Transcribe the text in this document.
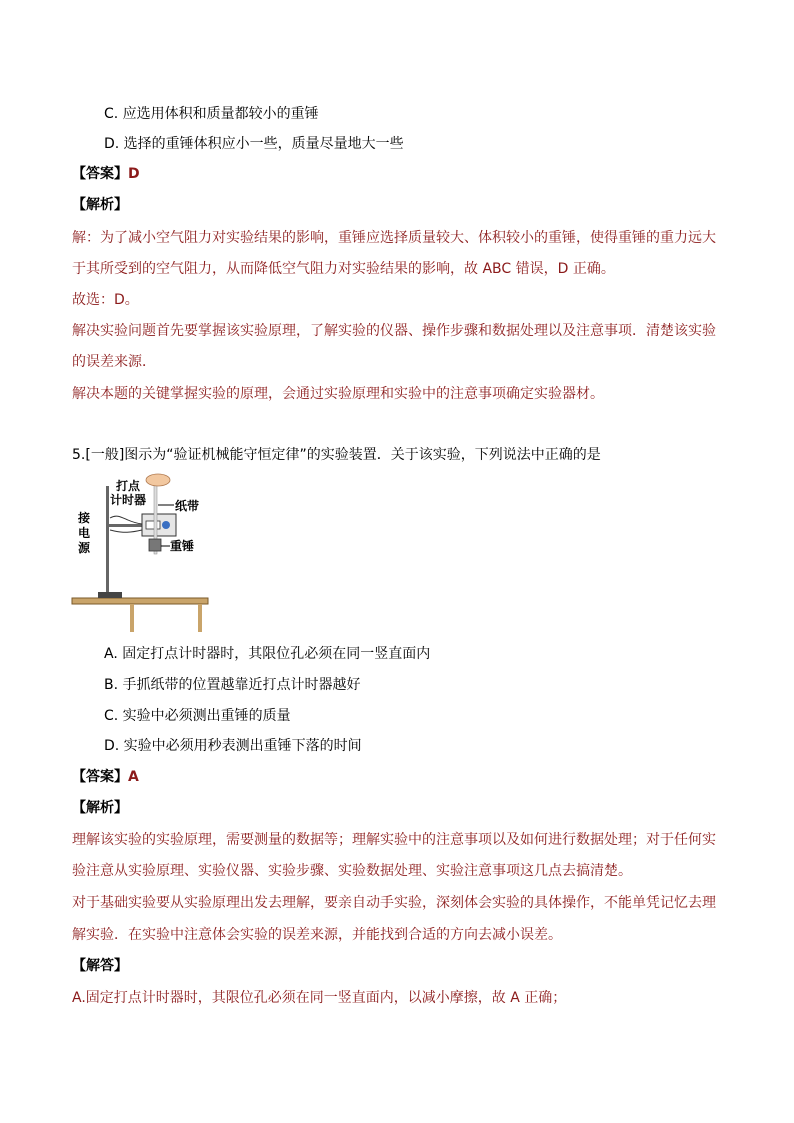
C. 应选用体积和质量都较小的重锤
D. 选择的重锤体积应小一些，质量尽量地大一些
【答案】D
【解析】
解：为了减小空气阻力对实验结果的影响，重锤应选择质量较大、体积较小的重锤，使得重锤的重力远大
于其所受到的空气阻力，从而降低空气阻力对实验结果的影响，故 ABC 错误，D 正确。
故选：D。
解决实验问题首先要掌握该实验原理，了解实验的仪器、操作步骤和数据处理以及注意事项．清楚该实验
的误差来源．
解决本题的关键掌握实验的原理，会通过实验原理和实验中的注意事项确定实验器材。
5.[一般]图示为“验证机械能守恒定律”的实验装置．关于该实验，下列说法中正确的是
打点
计时器 纸带
接
电
源	重锤
A. 固定打点计时器时，其限位孔必须在同一竖直面内
B. 手抓纸带的位置越靠近打点计时器越好
C. 实验中必须测出重锤的质量
D. 实验中必须用秒表测出重锤下落的时间
【答案】A
【解析】
理解该实验的实验原理，需要测量的数据等；理解实验中的注意事项以及如何进行数据处理；对于任何实
验注意从实验原理、实验仪器、实验步骤、实验数据处理、实验注意事项这几点去搞清楚。
对于基础实验要从实验原理出发去理解，要亲自动手实验，深刻体会实验的具体操作，不能单凭记忆去理
解实验．在实验中注意体会实验的误差来源，并能找到合适的方向去减小误差。
【解答】
A.固定打点计时器时，其限位孔必须在同一竖直面内，以减小摩擦，故 A 正确；
